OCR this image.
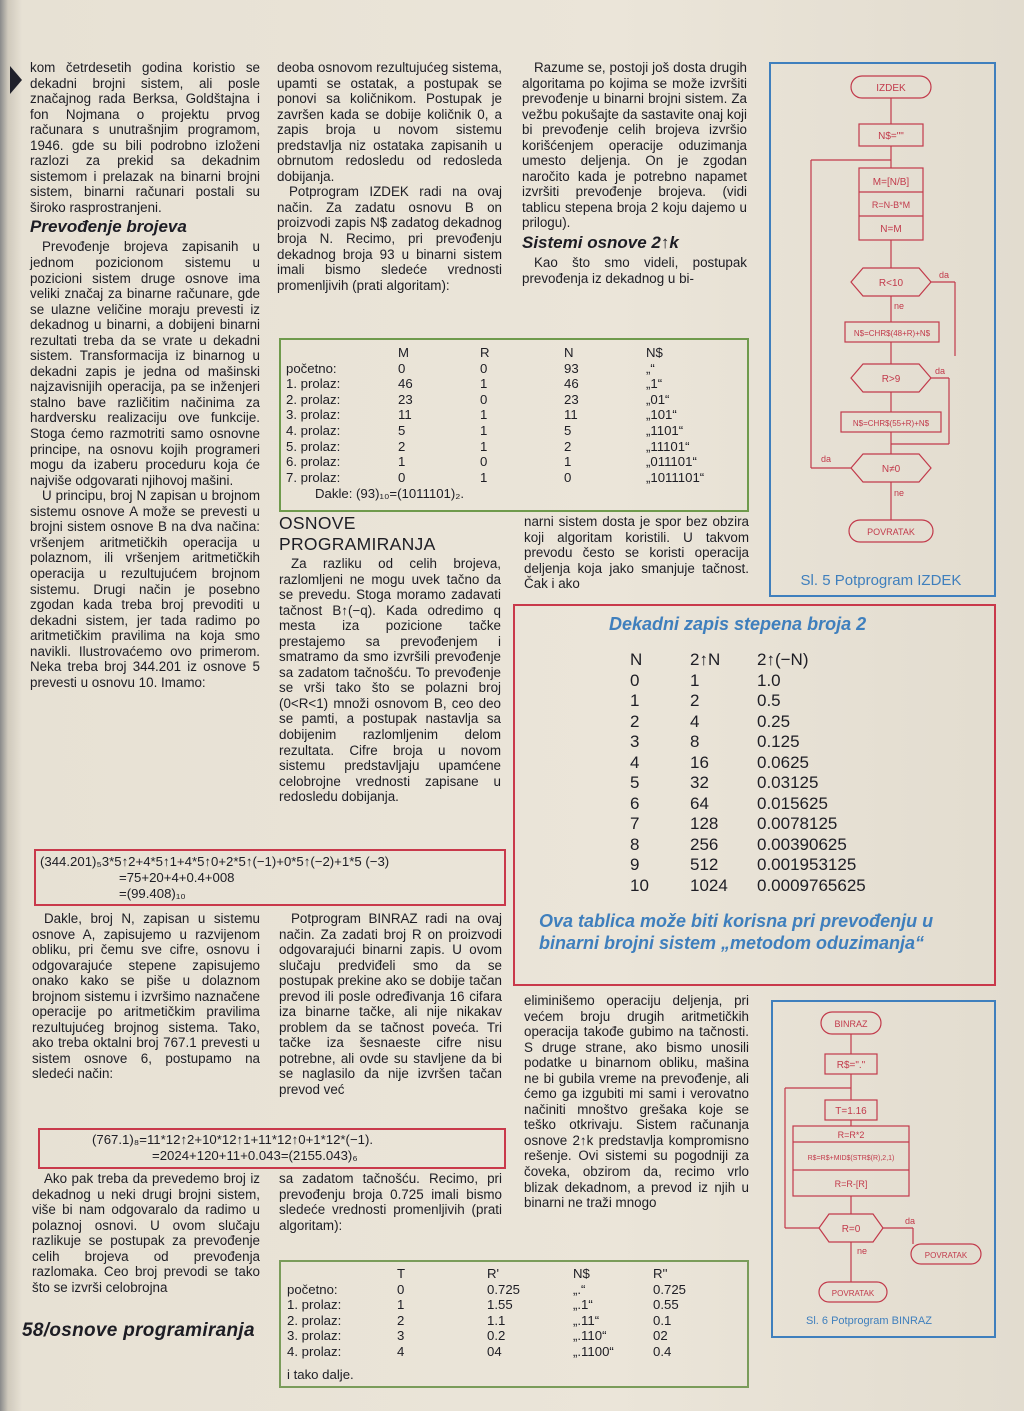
kom četrdesetih godina koristio se dekadni brojni sistem, ali posle značajnog rada Berksa, Goldštajna i fon Nojmana o projektu prvog računara s unutrašnjim programom, 1946. gde su bili podrobno izloženi razlozi za prekid sa dekadnim sistemom i prelazak na binarni brojni sistem, binarni računari postali su široko rasprostranjeni.

Prevođenje brojeva

Prevođenje brojeva zapisanih u jednom pozicionom sistemu u pozicioni sistem druge osnove ima veliki značaj za binarne računare, gde se ulazne veličine moraju prevesti iz dekadnog u binarni, a dobijeni binarni rezultati treba da se vrate u dekadni sistem. Transformacija iz binarnog u dekadni zapis je jedna od mašinski najzavisnijih operacija, pa se inženjeri stalno bave različitim načinima za hardversku realizaciju ove funkcije. Stoga ćemo razmotriti samo osnovne principe, na osnovu kojih programeri mogu da izaberu proceduru koja će najviše odgovarati njihovoj mašini.

U principu, broj N zapisan u brojnom sistemu osnove A može se prevesti u brojni sistem osnove B na dva načina: vršenjem aritmetičkih operacija u polaznom, ili vršenjem aritmetičkih operacija u rezultujućem brojnom sistemu. Drugi način je posebno zgodan kada treba broj prevoditi u dekadni sistem, jer tada radimo po aritmetičkim pravilima na koja smo navikli. Ilustrovaćemo ovo primerom. Neka treba broj 344.201 iz osnove 5 prevesti u osnovu 10. Imamo:

deoba osnovom rezultujućeg sistema, upamti se ostatak, a postupak se ponovi sa količnikom. Postupak je završen kada se dobije količnik 0, a zapis broja u novom sistemu predstavlja niz ostataka zapisanih u obrnutom redosledu od redosleda dobijanja.

Potprogram IZDEK radi na ovaj način. Za zadatu osnovu B on proizvodi zapis N$ zadatog dekadnog broja N. Recimo, pri prevođenju dekadnog broja 93 u binarni sistem imali bismo sledeće vrednosti promenljivih (prati algoritam):

Razume se, postoji još dosta drugih algoritama po kojima se može izvršiti prevođenje u binarni brojni sistem. Za vežbu pokušajte da sastavite onaj koji bi prevođenje celih brojeva izvršio korišćenjem operacije oduzimanja umesto deljenja. On je zgodan naročito kada je potrebno napamet izvršiti prevođenje brojeva. (vidi tablicu stepena broja 2 koju dajemo u prilogu).

Sistemi osnove 2↑k

Kao što smo videli, postupak prevođenja iz dekadnog u bi-

	M	R	N	N$
početno:	0	0	93	„“
1. prolaz:	46	1	46	„1“
2. prolaz:	23	0	23	„01“
3. prolaz:	11	1	11	„101“
4. prolaz:	5	1	5	„1101“
5. prolaz:	2	1	2	„11101“
6. prolaz:	1	0	1	„011101“
7. prolaz:	0	1	0	„1011101“
Dakle: (93)₁₀=(1011101)₂.
OSNOVE
PROGRAMIRANJA

Za razliku od celih brojeva, razlomljeni ne mogu uvek tačno da se prevedu. Stoga moramo zadavati tačnost B↑(−q). Kada odredimo q mesta iza pozicione tačke prestajemo sa prevođenjem i smatramo da smo izvršili prevođenje sa zadatom tačnošću. To prevođenje se vrši tako što se polazni broj (0<R<1) množi osnovom B, ceo deo se pamti, a postupak nastavlja sa dobijenim razlomljenim delom rezultata. Cifre broja u novom sistemu predstavljaju upamćene celobrojne vrednosti zapisane u redosledu dobijanja.

narni sistem dosta je spor bez obzira koji algoritam koristili. U takvom prevodu često se koristi operacija deljenja koja jako smanjuje tačnost. Čak i ako

Dekadni zapis stepena broja 2
N	2↑N	2↑(−N)
0	1	1.0
1	2	0.5
2	4	0.25
3	8	0.125
4	16	0.0625
5	32	0.03125
6	64	0.015625
7	128	0.0078125
8	256	0.00390625
9	512	0.001953125
10	1024	0.0009765625
Ova tablica može biti korisna pri prevođenju u binarni brojni sistem „metodom oduzimanja“
(344.201)₅3*5↑2+4*5↑1+4*5↑0+2*5↑(−1)+0*5↑(−2)+1*5 (−3)
=75+20+4+0.4+008
=(99.408)₁₀

Dakle, broj N, zapisan u sistemu osnove A, zapisujemo u razvijenom obliku, pri čemu sve cifre, osnovu i odgovarajuće stepene zapisujemo onako kako se piše u dolaznom brojnom sistemu i izvršimo naznačene operacije po aritmetičkim pravilima rezultujućeg brojnog sistema. Tako, ako treba oktalni broj 767.1 prevesti u sistem osnove 6, postupamo na sledeći način:

Potprogram BINRAZ radi na ovaj način. Za zadati broj R on proizvodi odgovarajući binarni zapis. U ovom slučaju predviđeli smo da se postupak prekine ako se dobije tačan prevod ili posle određivanja 16 cifara iza binarne tačke, ali nije nikakav problem da se tačnost poveća. Tri tačke iza šesnaeste cifre nisu potrebne, ali ovde su stavljene da bi se naglasilo da nije izvršen tačan prevod već

eliminišemo operaciju deljenja, pri većem broju drugih aritmetičkih operacija takođe gubimo na tačnosti. S druge strane, ako bismo unosili podatke u binarnom obliku, mašina ne bi gubila vreme na prevođenje, ali ćemo ga izgubiti mi sami i verovatno načiniti mnoštvo grešaka koje se teško otkrivaju. Sistem računanja osnove 2↑k predstavlja kompromisno rešenje. Ovi sistemi su pogodniji za čoveka, obzirom da, recimo vrlo blizak dekadnom, a prevod iz njih u binarni ne traži mnogo

(767.1)₈=11*12↑2+10*12↑1+11*12↑0+1*12*(−1).
=2024+120+11+0.043=(2155.043)₆

Ako pak treba da prevedemo broj iz dekadnog u neki drugi brojni sistem, više bi nam odgovaralo da radimo u polaznoj osnovi. U ovom slučaju razlikuje se postupak za prevođenje celih brojeva od prevođenja razlomaka. Ceo broj prevodi se tako što se izvrši celobrojna

sa zadatom tačnošću. Recimo, pri prevođenju broja 0.725 imali bismo sledeće vrednosti promenljivih (prati algoritam):

	T	R'	N$	R''
početno:	0	0.725	„.“	0.725
1. prolaz:	1	1.55	„.1“	0.55
2. prolaz:	2	1.1	„.11“	0.1
3. prolaz:	3	0.2	„.110“	02
4. prolaz:	4	04	„.1100“	0.4
i tako dalje.
58/osnove programiranja
IZDEK
N$=""
M=[N/B]
R=N-B*M
N=M
R<10
da
ne
N$=CHR$(48+R)+N$
R>9
da
N$=CHR$(55+R)+N$
N≠0
da
ne
POVRATAK
Sl. 5 Potprogram IZDEK
BINRAZ
R$="."
T=1.16
R=R*2
R$=R$+MID$(STR$(R),2,1)
R=R-[R]
R=0
da
ne	POVRATAK
POVRATAK
Sl. 6 Potprogram BINRAZ
